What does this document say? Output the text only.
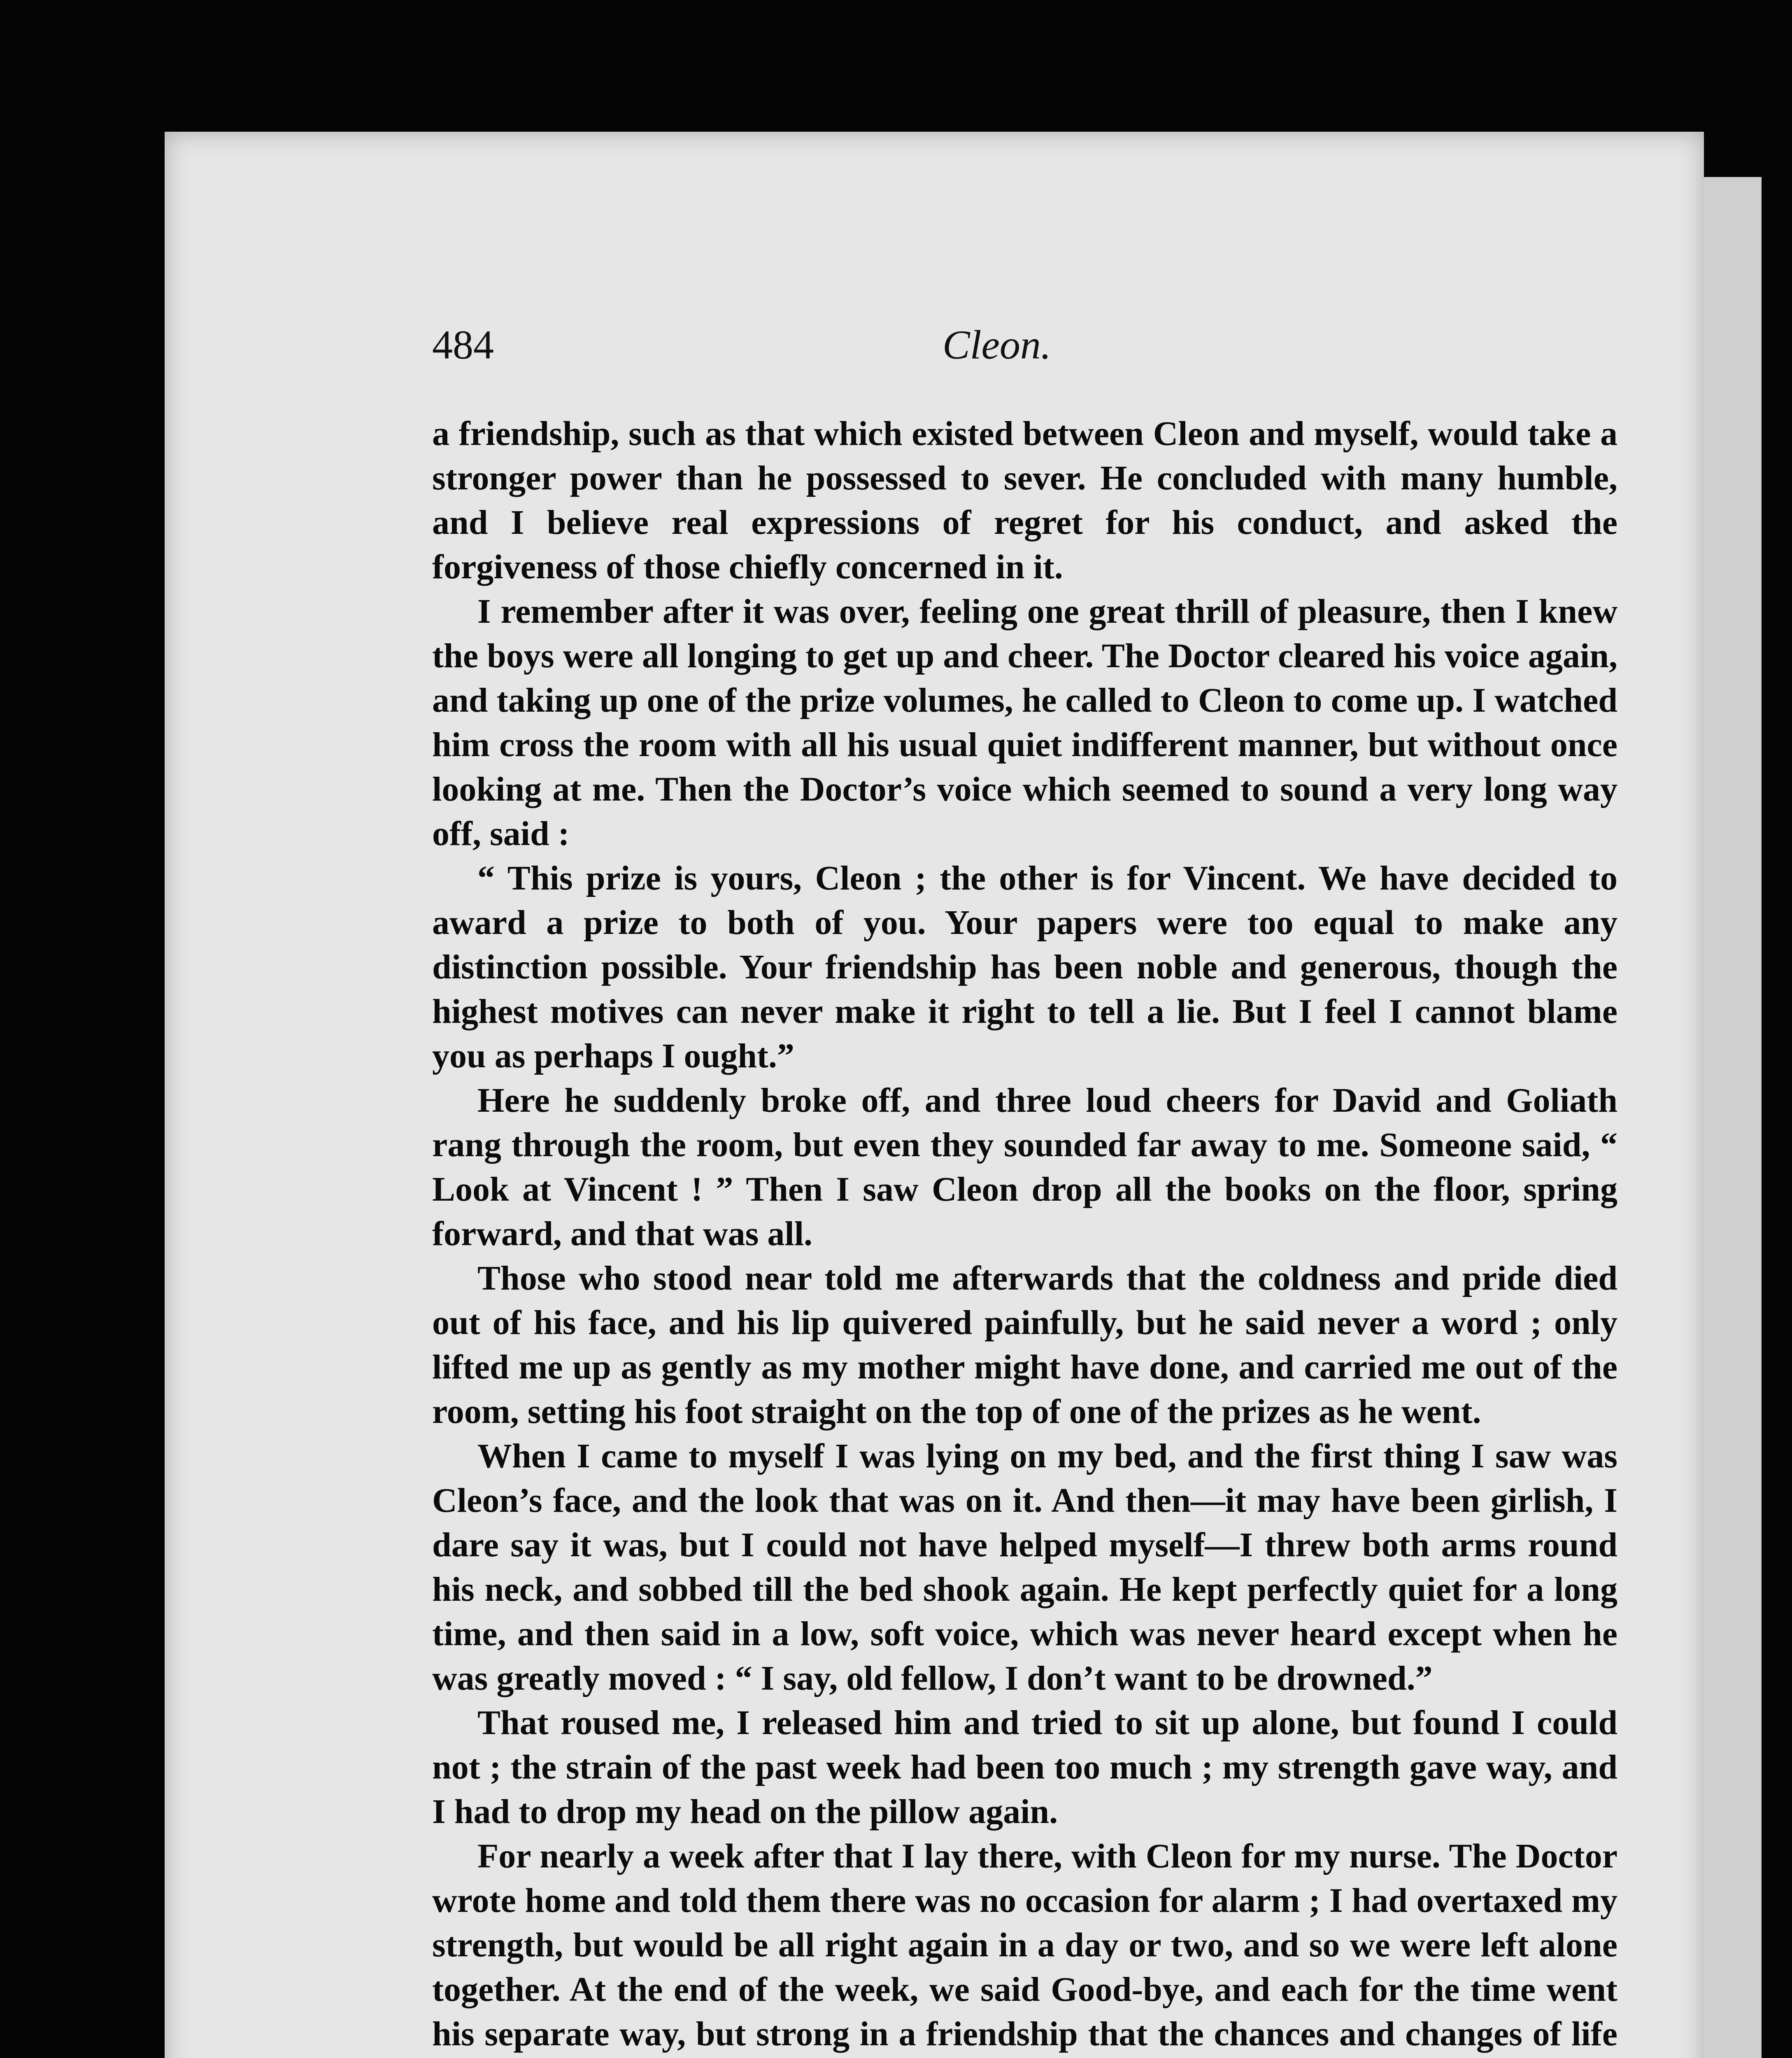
484	Cleon.

a friendship, such as that which existed between Cleon and myself, would take a stronger power than he possessed to sever. He concluded with many humble, and I believe real expressions of regret for his conduct, and asked the forgiveness of those chiefly concerned in it.

I remember after it was over, feeling one great thrill of pleasure, then I knew the boys were all longing to get up and cheer. The Doctor cleared his voice again, and taking up one of the prize volumes, he called to Cleon to come up. I watched him cross the room with all his usual quiet indifferent manner, but without once looking at me. Then the Doctor’s voice which seemed to sound a very long way off, said :

“ This prize is yours, Cleon ; the other is for Vincent. We have decided to award a prize to both of you. Your papers were too equal to make any distinction possible. Your friendship has been noble and generous, though the highest motives can never make it right to tell a lie. But I feel I cannot blame you as perhaps I ought.”

Here he suddenly broke off, and three loud cheers for David and Goliath rang through the room, but even they sounded far away to me. Someone said, “ Look at Vincent ! ” Then I saw Cleon drop all the books on the floor, spring forward, and that was all.

Those who stood near told me afterwards that the coldness and pride died out of his face, and his lip quivered painfully, but he said never a word ; only lifted me up as gently as my mother might have done, and carried me out of the room, setting his foot straight on the top of one of the prizes as he went.

When I came to myself I was lying on my bed, and the first thing I saw was Cleon’s face, and the look that was on it. And then—it may have been girlish, I dare say it was, but I could not have helped myself—I threw both arms round his neck, and sobbed till the bed shook again. He kept perfectly quiet for a long time, and then said in a low, soft voice, which was never heard except when he was greatly moved : “ I say, old fellow, I don’t want to be drowned.”

That roused me, I released him and tried to sit up alone, but found I could not ; the strain of the past week had been too much ; my strength gave way, and I had to drop my head on the pillow again.

For nearly a week after that I lay there, with Cleon for my nurse. The Doctor wrote home and told them there was no occasion for alarm ; I had overtaxed my strength, but would be all right again in a day or two, and so we were left alone together. At the end of the week, we said Good-bye, and each for the time went his separate way, but strong in a friendship that the chances and changes of life
